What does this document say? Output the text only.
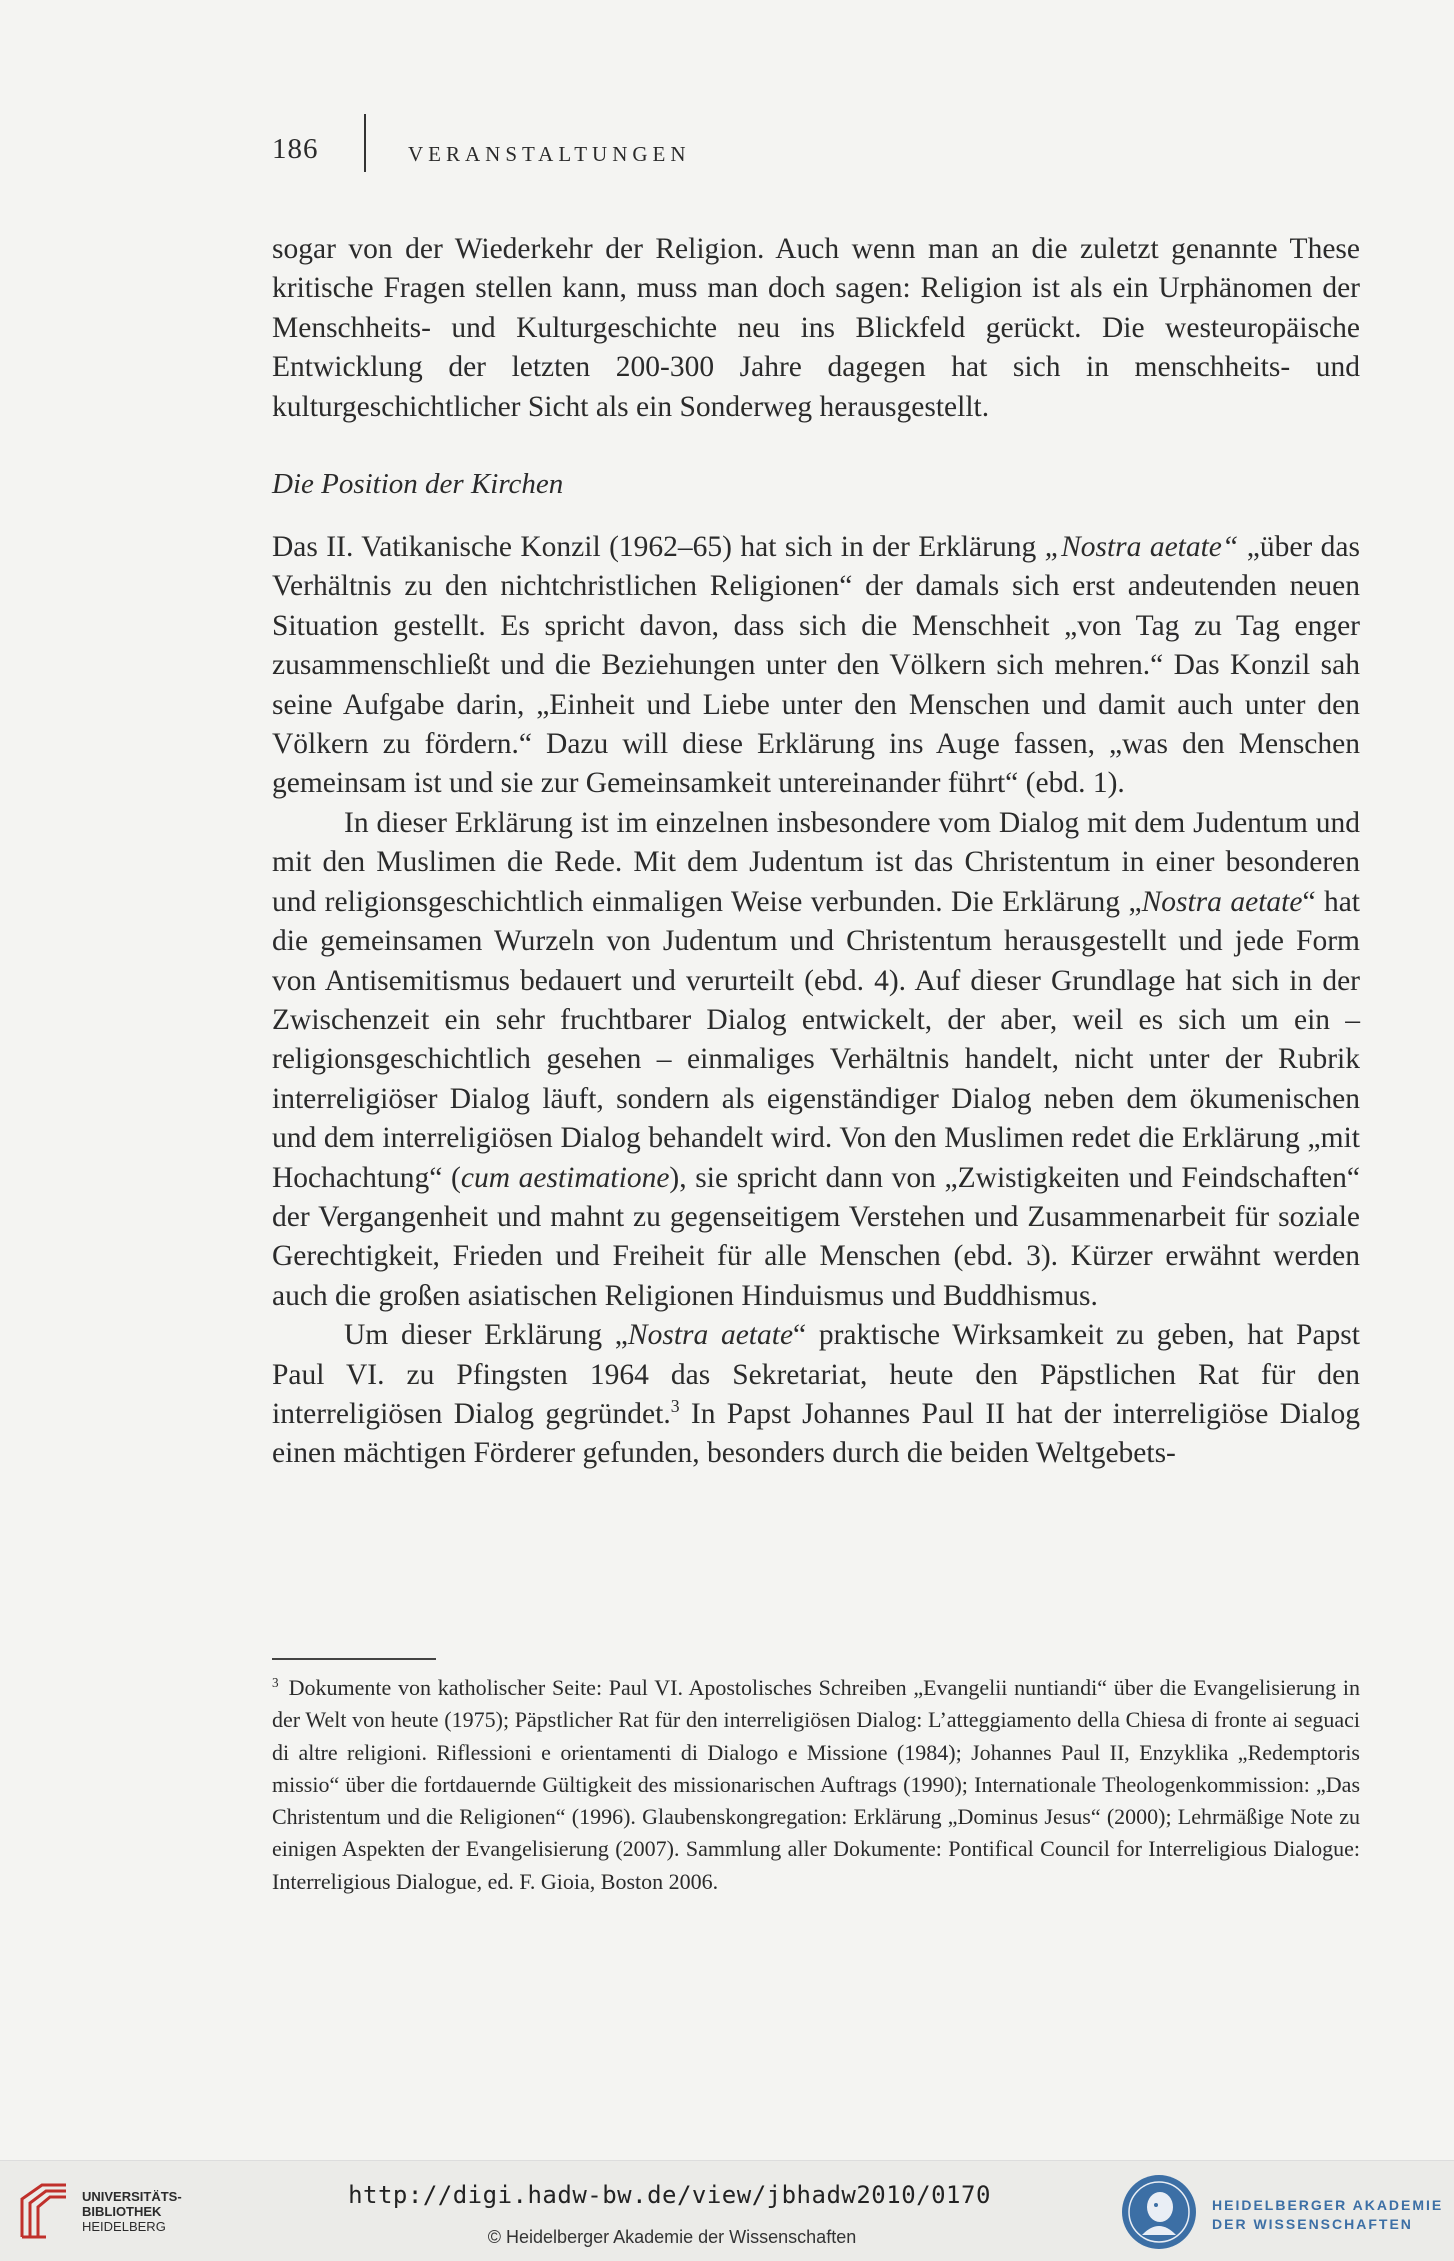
186	VERANSTALTUNGEN

sogar von der Wiederkehr der Religion. Auch wenn man an die zuletzt genannte These kritische Fragen stellen kann, muss man doch sagen: Religion ist als ein Urphänomen der Menschheits- und Kulturgeschichte neu ins Blickfeld gerückt. Die westeuropäische Entwicklung der letzten 200-300 Jahre dagegen hat sich in menschheits- und kulturgeschichtlicher Sicht als ein Sonderweg herausgestellt.

Die Position der Kirchen

Das II. Vatikanische Konzil (1962–65) hat sich in der Erklärung „Nostra aetate“ „über das Verhältnis zu den nichtchristlichen Religionen“ der damals sich erst andeutenden neuen Situation gestellt. Es spricht davon, dass sich die Menschheit „von Tag zu Tag enger zusammenschließt und die Beziehungen unter den Völkern sich mehren.“ Das Konzil sah seine Aufgabe darin, „Einheit und Liebe unter den Menschen und damit auch unter den Völkern zu fördern.“ Dazu will diese Erklärung ins Auge fassen, „was den Menschen gemeinsam ist und sie zur Gemeinsamkeit untereinander führt“ (ebd. 1).

In dieser Erklärung ist im einzelnen insbesondere vom Dialog mit dem Judentum und mit den Muslimen die Rede. Mit dem Judentum ist das Christentum in einer besonderen und religionsgeschichtlich einmaligen Weise verbunden. Die Erklärung „Nostra aetate“ hat die gemeinsamen Wurzeln von Judentum und Christentum herausgestellt und jede Form von Antisemitismus bedauert und verurteilt (ebd. 4). Auf dieser Grundlage hat sich in der Zwischenzeit ein sehr fruchtbarer Dialog entwickelt, der aber, weil es sich um ein – religionsgeschichtlich gesehen – einmaliges Verhältnis handelt, nicht unter der Rubrik interreligiöser Dialog läuft, sondern als eigenständiger Dialog neben dem ökumenischen und dem interreligiösen Dialog behandelt wird. Von den Muslimen redet die Erklärung „mit Hochachtung“ (cum aestimatione), sie spricht dann von „Zwistigkeiten und Feindschaften“ der Vergangenheit und mahnt zu gegenseitigem Verstehen und Zusammenarbeit für soziale Gerechtigkeit, Frieden und Freiheit für alle Menschen (ebd. 3). Kürzer erwähnt werden auch die großen asiatischen Religionen Hinduismus und Buddhismus.

Um dieser Erklärung „Nostra aetate“ praktische Wirksamkeit zu geben, hat Papst Paul VI. zu Pfingsten 1964 das Sekretariat, heute den Päpstlichen Rat für den interreligiösen Dialog gegründet.$^3$ In Papst Johannes Paul II hat der interreligiöse Dialog einen mächtigen Förderer gefunden, besonders durch die beiden Weltgebets-

$^3$ Dokumente von katholischer Seite: Paul VI. Apostolisches Schreiben „Evangelii nuntiandi“ über die Evangelisierung in der Welt von heute (1975); Päpstlicher Rat für den interreligiösen Dialog: L’atteggiamento della Chiesa di fronte ai seguaci di altre religioni. Riflessioni e orientamenti di Dialogo e Missione (1984); Johannes Paul II, Enzyklika „Redemptoris missio“ über die fortdauernde Gültigkeit des missionarischen Auftrags (1990); Internationale Theologenkommission: „Das Christentum und die Religionen“ (1996). Glaubenskongregation: Erklärung „Dominus Jesus“ (2000); Lehrmäßige Note zu einigen Aspekten der Evangelisierung (2007). Sammlung aller Dokumente: Pontifical Council for Interreligious Dialogue: Interreligious Dialogue, ed. F. Gioia, Boston 2006.
UNIVERSITÄTS-
BIBLIOTHEK
HEIDELBERG
http://digi.hadw-bw.de/view/jbhadw2010/0170
© Heidelberger Akademie der Wissenschaften
HEIDELBERGER AKADEMIE
DER WISSENSCHAFTEN
